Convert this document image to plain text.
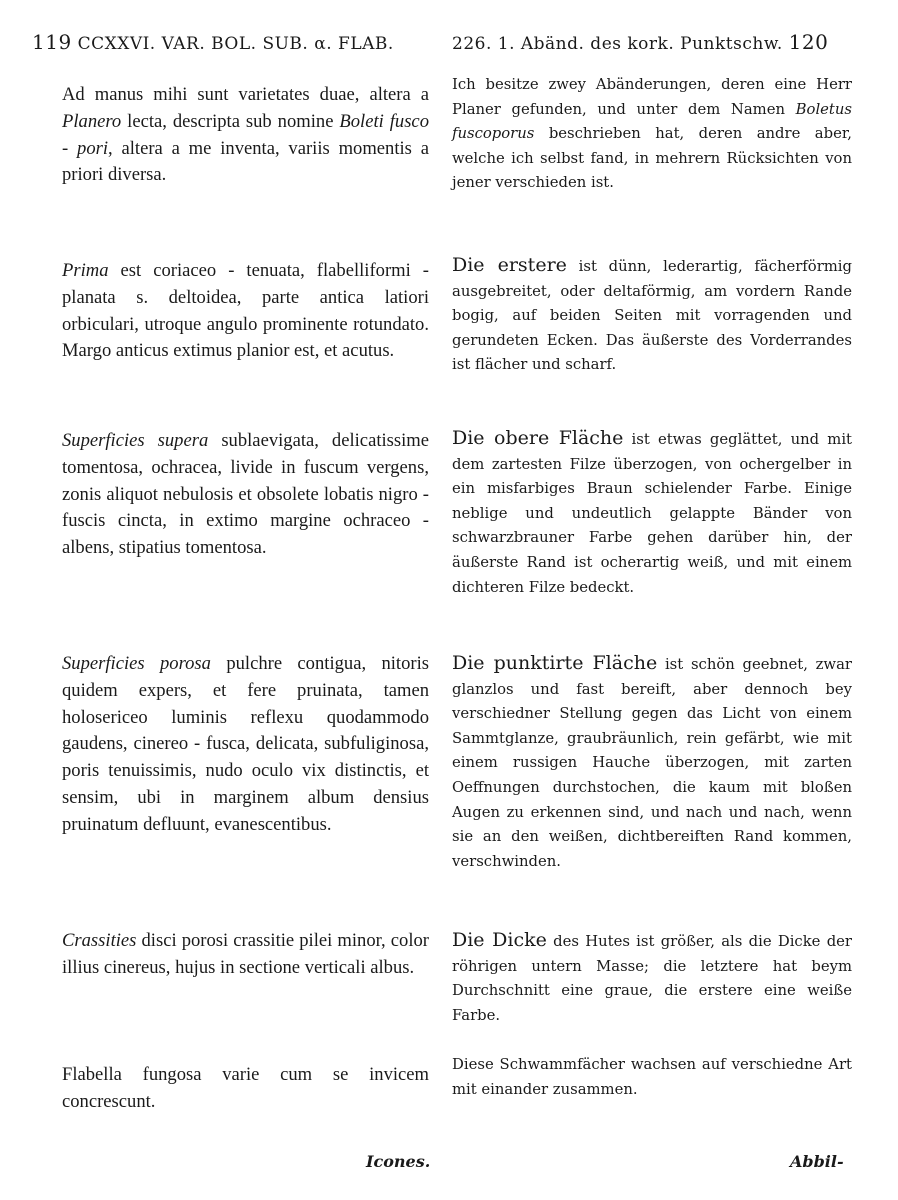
119 CCXXVI. VAR. BOL. SUB. α. FLAB.	226. 1. Abänd. des kork. Punktschw. 120

Ad manus mihi sunt varietates duae, altera a Planero lecta, descripta sub nomine Boleti fusco - pori, altera a me inventa, variis momentis a priori diversa.

Prima est coriaceo - tenuata, flabelliformi - planata s. deltoidea, parte antica latiori orbiculari, utroque angulo prominente rotundato. Margo anticus extimus planior est, et acutus.

Superficies supera sublaevigata, delicatissime tomentosa, ochracea, livide in fuscum vergens, zonis aliquot nebulosis et obsolete lobatis nigro - fuscis cincta, in extimo margine ochraceo - albens, stipatius tomentosa.

Superficies porosa pulchre contigua, nitoris quidem expers, et fere pruinata, tamen holosericeo luminis reflexu quodammodo gaudens, cinereo - fusca, delicata, subfuliginosa, poris tenuissimis, nudo oculo vix distinctis, et sensim, ubi in marginem album densius pruinatum defluunt, evanescentibus.

Crassities disci porosi crassitie pilei minor, color illius cinereus, hujus in sectione verticali albus.

Flabella fungosa varie cum se invicem concrescunt.

Ich besitze zwey Abänderungen, deren eine Herr Planer gefunden, und unter dem Namen Boletus fuscoporus beschrieben hat, deren andre aber, welche ich selbst fand, in mehrern Rücksichten von jener verschieden ist.

Die erstere ist dünn, lederartig, fächerförmig ausgebreitet, oder deltaförmig, am vordern Rande bogig, auf beiden Seiten mit vorragenden und gerundeten Ecken. Das äußerste des Vorderrandes ist flächer und scharf.

Die obere Fläche ist etwas geglättet, und mit dem zartesten Filze überzogen, von ochergelber in ein misfarbiges Braun schielender Farbe. Einige neblige und undeutlich gelappte Bänder von schwarzbrauner Farbe gehen darüber hin, der äußerste Rand ist ocherartig weiß, und mit einem dichteren Filze bedeckt.

Die punktirte Fläche ist schön geebnet, zwar glanzlos und fast bereift, aber dennoch bey verschiedner Stellung gegen das Licht von einem Sammtglanze, graubräunlich, rein gefärbt, wie mit einem russigen Hauche überzogen, mit zarten Oeffnungen durchstochen, die kaum mit bloßen Augen zu erkennen sind, und nach und nach, wenn sie an den weißen, dichtbereiften Rand kommen, verschwinden.

Die Dicke des Hutes ist größer, als die Dicke der röhrigen untern Masse; die letztere hat beym Durchschnitt eine graue, die erstere eine weiße Farbe.

Diese Schwammfächer wachsen auf verschiedne Art mit einander zusammen.

Icones.	Abbil-
